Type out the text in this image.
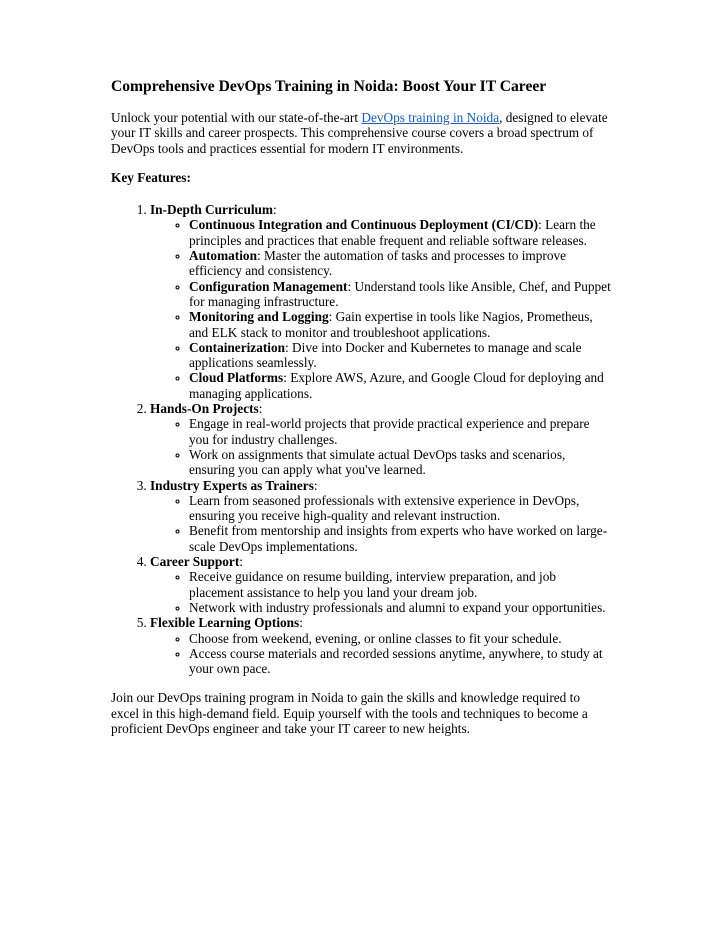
Comprehensive DevOps Training in Noida: Boost Your IT Career

Unlock your potential with our state-of-the-art DevOps training in Noida, designed to elevate your IT skills and career prospects. This comprehensive course covers a broad spectrum of DevOps tools and practices essential for modern IT environments.

Key Features:

1. In-Depth Curriculum:
◦ Continuous Integration and Continuous Deployment (CI/CD): Learn the principles and practices that enable frequent and reliable software releases.
◦ Automation: Master the automation of tasks and processes to improve efficiency and consistency.
◦ Configuration Management: Understand tools like Ansible, Chef, and Puppet for managing infrastructure.
◦ Monitoring and Logging: Gain expertise in tools like Nagios, Prometheus, and ELK stack to monitor and troubleshoot applications.
◦ Containerization: Dive into Docker and Kubernetes to manage and scale applications seamlessly.
◦ Cloud Platforms: Explore AWS, Azure, and Google Cloud for deploying and managing applications.
2. Hands-On Projects:
◦ Engage in real-world projects that provide practical experience and prepare you for industry challenges.
◦ Work on assignments that simulate actual DevOps tasks and scenarios, ensuring you can apply what you've learned.
3. Industry Experts as Trainers:
◦ Learn from seasoned professionals with extensive experience in DevOps, ensuring you receive high-quality and relevant instruction.
◦ Benefit from mentorship and insights from experts who have worked on large-scale DevOps implementations.
4. Career Support:
◦ Receive guidance on resume building, interview preparation, and job placement assistance to help you land your dream job.
◦ Network with industry professionals and alumni to expand your opportunities.
5. Flexible Learning Options:
◦ Choose from weekend, evening, or online classes to fit your schedule.
◦ Access course materials and recorded sessions anytime, anywhere, to study at your own pace.

Join our DevOps training program in Noida to gain the skills and knowledge required to excel in this high-demand field. Equip yourself with the tools and techniques to become a proficient DevOps engineer and take your IT career to new heights.
